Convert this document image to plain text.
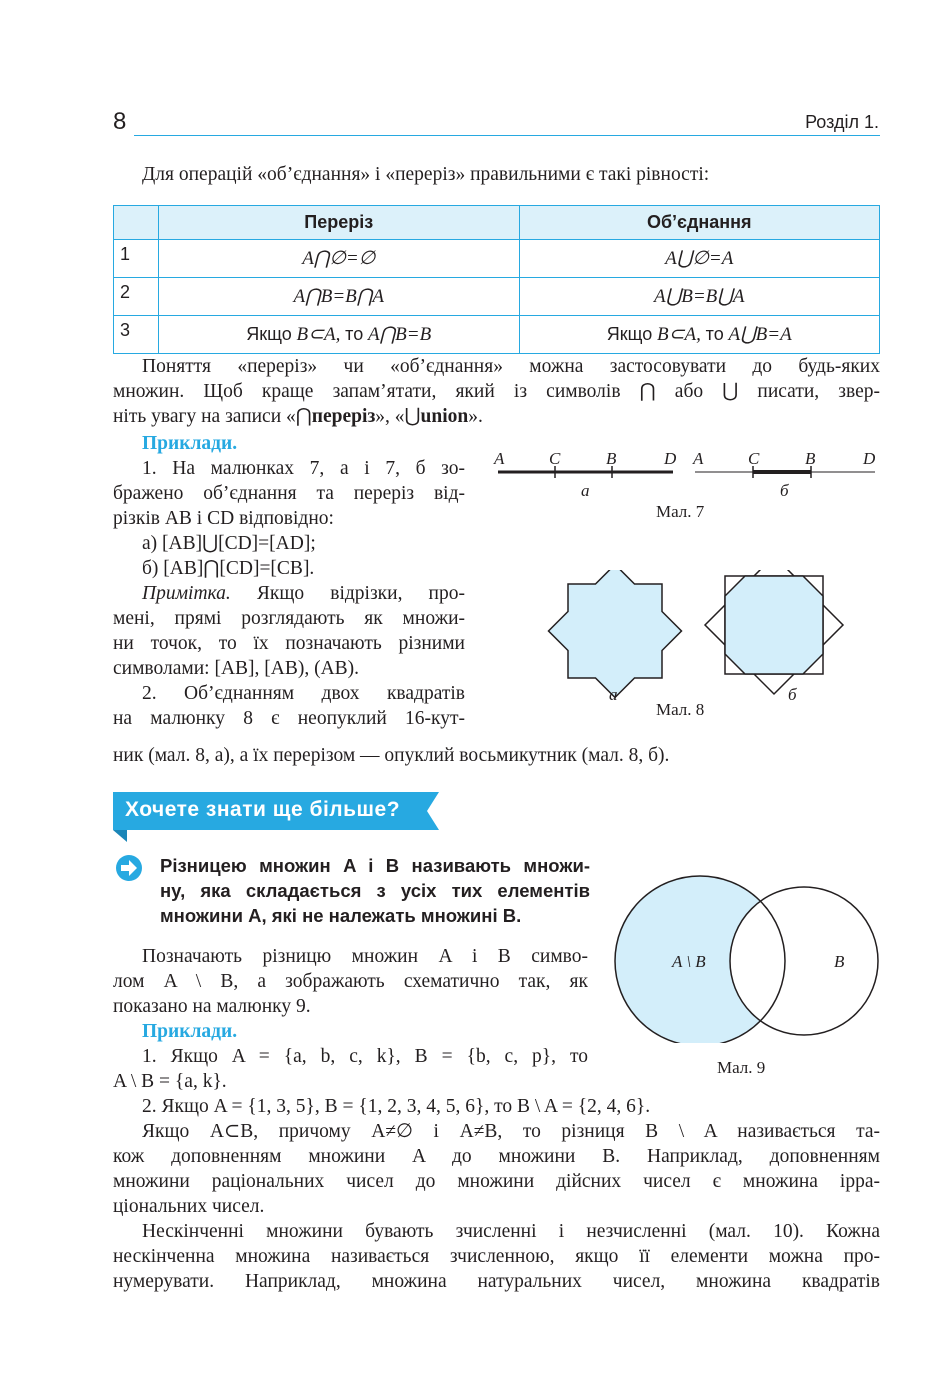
8	Розділ 1.

Для операцій «об’єднання» і «переріз» правильними є такі рівності:

	Переріз	Об’єднання
1	A⋂∅=∅	A⋃∅=A
2	A⋂B=B⋂A	A⋃B=B⋃A
3	Якщо B⊂A, то A⋂B=B	Якщо B⊂A, то A⋃B=A

Поняття «переріз» чи «об’єднання» можна застосовувати до будь-яких

множин. Щоб краще запам’ятати, який із символів ⋂ або ⋃ писати, звер-

ніть увагу на записи «⋂переріз», «⋃union».

Приклади.

1. На малюнках 7, а і 7, б зо-

бражено об’єднання та переріз від-

різків AB і CD відповідно:

а) [AB]⋃[CD]=[AD];

б) [AB]⋂[CD]=[CB].

Примітка. Якщо відрізки, про-

мені, прямі розглядають як множи-

ни точок, то їх позначають різними

символами: [AB], [AB), (AB).

2. Об’єднанням двох квадратів

на малюнку 8 є неопуклий 16-кут-

ник (мал. 8, а), а їх перерізом — опуклий восьмикутник (мал. 8, б).

A	C	B	D A	C	B	D
а	б
Мал. 7
а	б
Мал. 8
Хочете знати ще більше?

Різницею множин A і B називають множи-

ну, яка складається з усіх тих елементів

множини A, які не належать множині B.

A \ B	B
Мал. 9

Позначають різницю множин A і B симво-

лом A \ B, а зображають схематично так, як

показано на малюнку 9.

Приклади.

1. Якщо A = {a, b, c, k}, B = {b, c, p}, то

A \ B = {a, k}.

2. Якщо A = {1, 3, 5}, B = {1, 2, 3, 4, 5, 6}, то B \ A = {2, 4, 6}.

Якщо A⊂B, причому A≠∅ і A≠B, то різниця B \ A називається та-

кож доповненням множини A до множини B. Наприклад, доповненням

множини раціональних чисел до множини дійсних чисел є множина ірра-

ціональних чисел.

Нескінченні множини бувають зчисленні і незчисленні (мал. 10). Кожна

нескінченна множина називається зчисленною, якщо її елементи можна про-

нумерувати. Наприклад, множина натуральних чисел, множина квадратів
